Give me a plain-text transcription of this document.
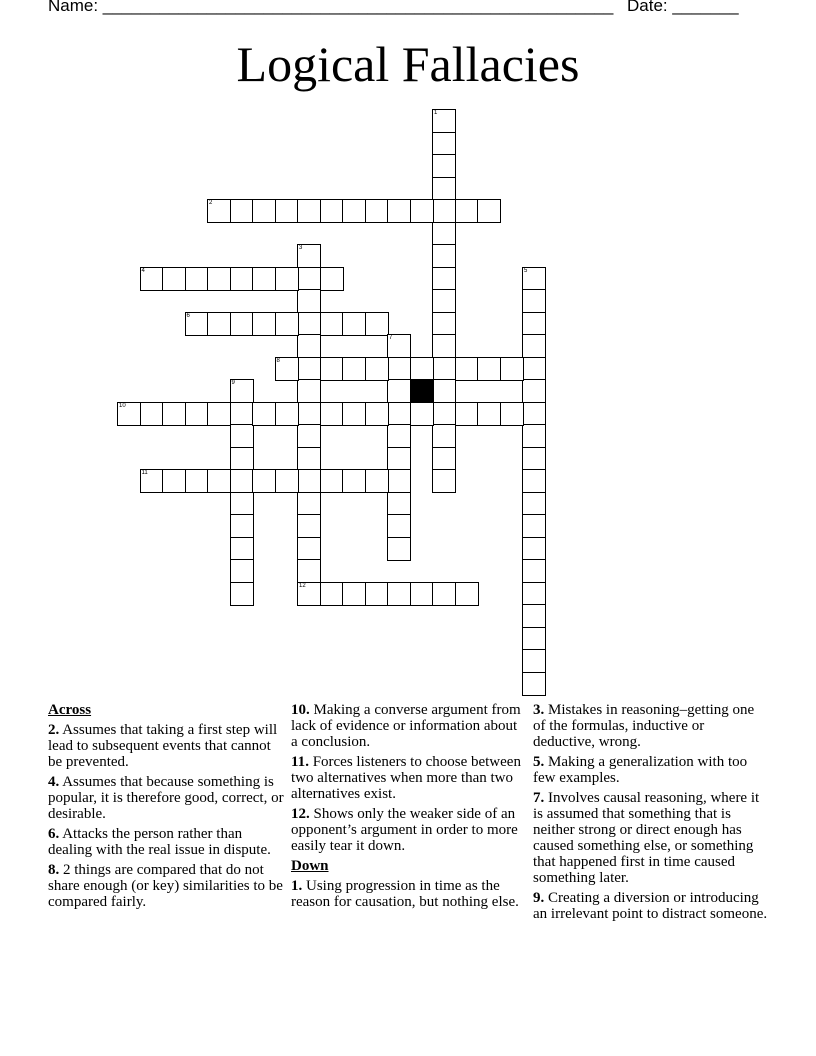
Name: ______________________________________________________ Date: _______
Logical Fallacies
1
2
3
4	5
6
7
8
9
10
11
12
Across
2. Assumes that taking a first step will lead to subsequent events that cannot be prevented.
4. Assumes that because something is popular, it is therefore good, correct, or desirable.
6. Attacks the person rather than dealing with the real issue in dispute.
8. 2 things are compared that do not share enough (or key) similarities to be compared fairly.
10. Making a converse argument from lack of evidence or information about a conclusion.
11. Forces listeners to choose between two alternatives when more than two alternatives exist.
12. Shows only the weaker side of an opponent’s argument in order to more easily tear it down.
Down
1. Using progression in time as the reason for causation, but nothing else.
3. Mistakes in reasoning–getting one of the formulas, inductive or deductive, wrong.
5. Making a generalization with too few examples.
7. Involves causal reasoning, where it is assumed that something that is neither strong or direct enough has caused something else, or something that happened first in time caused something later.
9. Creating a diversion or introducing an irrelevant point to distract someone.
